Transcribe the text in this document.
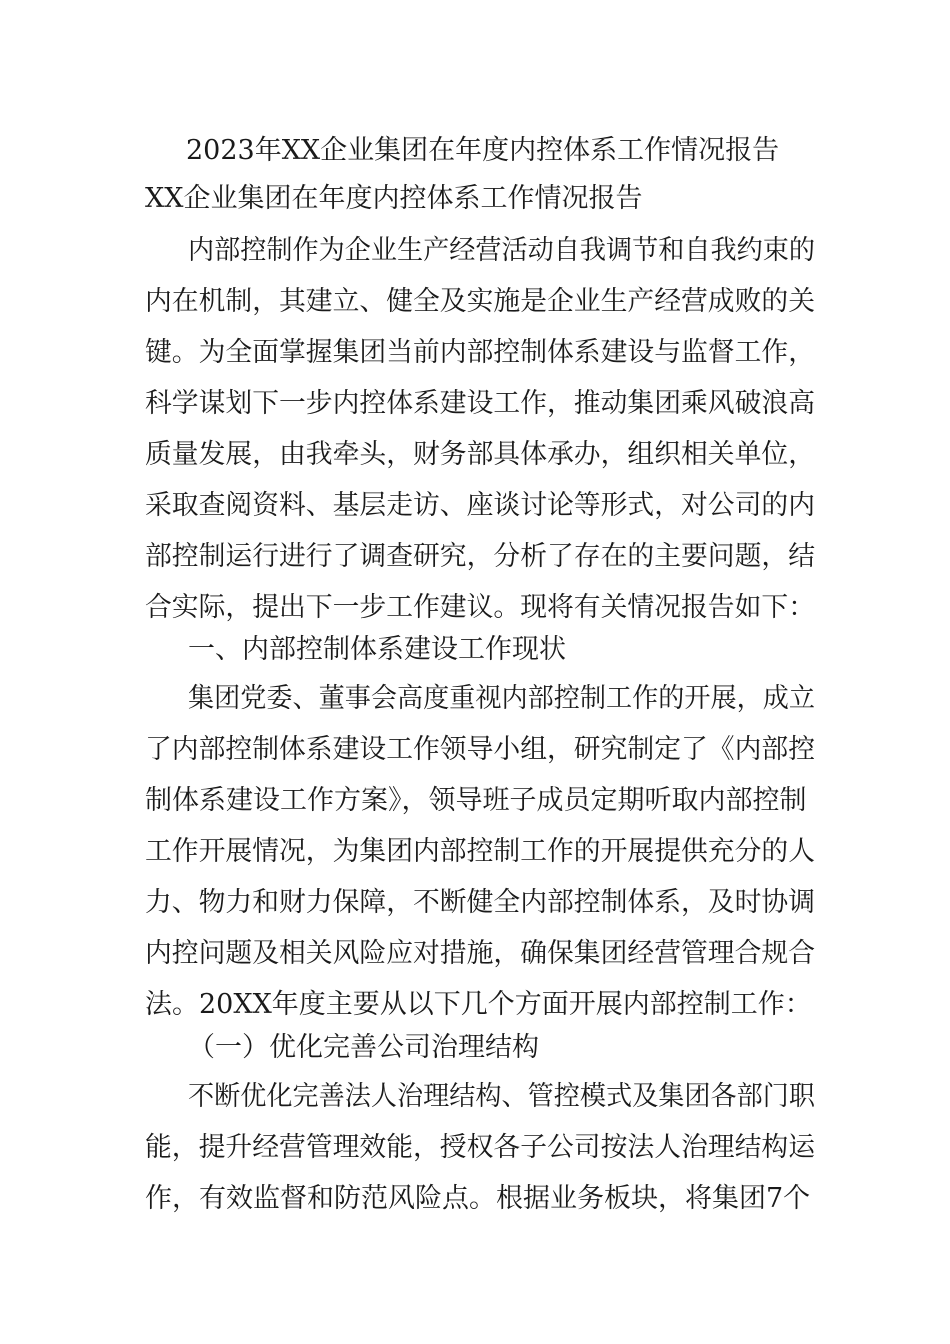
2023年XX企业集团在年度内控体系工作情况报告
XX企业集团在年度内控体系工作情况报告
内部控制作为企业生产经营活动自我调节和自我约束的
内在机制，其建立、健全及实施是企业生产经营成败的关
键。为全面掌握集团当前内部控制体系建设与监督工作，
科学谋划下一步内控体系建设工作，推动集团乘风破浪高
质量发展，由我牵头，财务部具体承办，组织相关单位，
采取查阅资料、基层走访、座谈讨论等形式，对公司的内
部控制运行进行了调查研究，分析了存在的主要问题，结
合实际，提出下一步工作建议。现将有关情况报告如下：
一、内部控制体系建设工作现状
集团党委、董事会高度重视内部控制工作的开展，成立
了内部控制体系建设工作领导小组，研究制定了《内部控
制体系建设工作方案》，领导班子成员定期听取内部控制
工作开展情况，为集团内部控制工作的开展提供充分的人
力、物力和财力保障，不断健全内部控制体系，及时协调
内控问题及相关风险应对措施，确保集团经营管理合规合
法。20XX年度主要从以下几个方面开展内部控制工作：
（一）优化完善公司治理结构
不断优化完善法人治理结构、管控模式及集团各部门职
能，提升经营管理效能，授权各子公司按法人治理结构运
作，有效监督和防范风险点。根据业务板块，将集团7个
